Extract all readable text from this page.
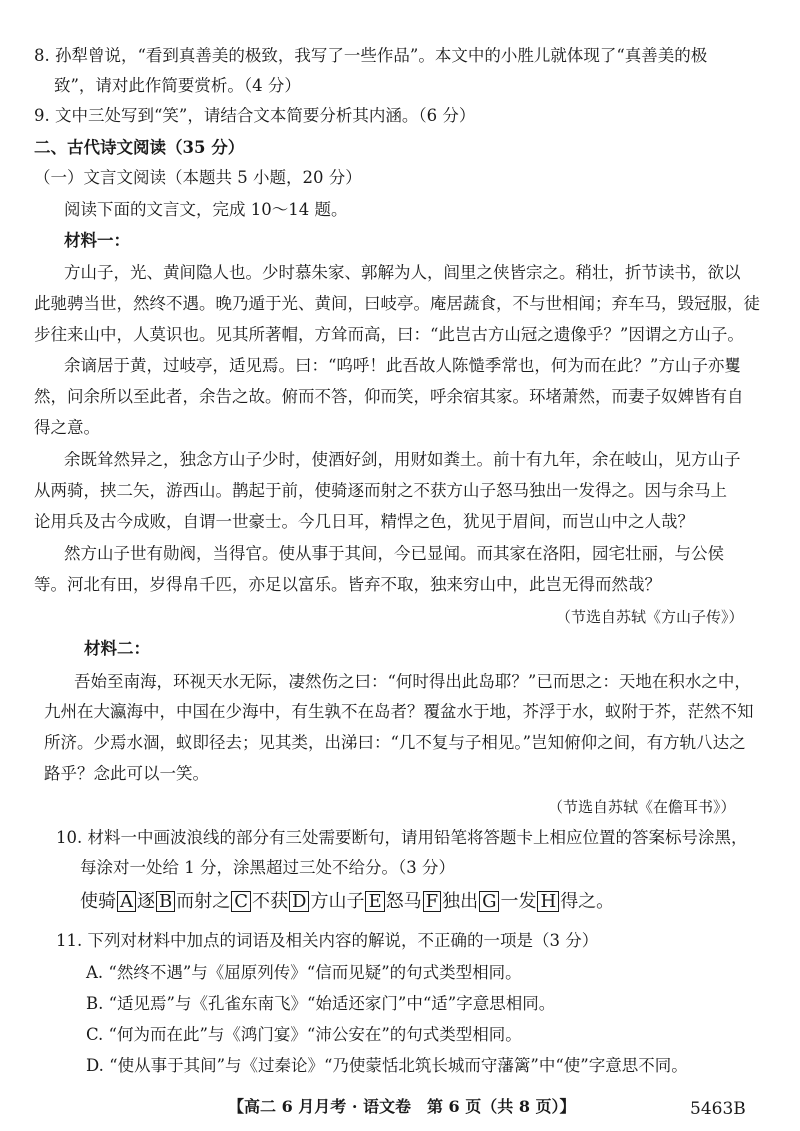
8. 孙犁曾说，“看到真善美的极致，我写了一些作品”。本文中的小胜儿就体现了“真善美的极
致”，请对此作简要赏析。（4 分）
9. 文中三处写到“笑”，请结合文本简要分析其内涵。（6 分）
二、古代诗文阅读（35 分）
（一）文言文阅读（本题共 5 小题，20 分）
阅读下面的文言文，完成 10～14 题。
材料一：
方山子，光、黄间隐人也。少时慕朱家、郭解为人，闾里之侠皆宗之。稍壮，折节读书，欲以
此驰骋当世，然终不遇。晚乃遁于光、黄间，曰岐亭。庵居蔬食，不与世相闻；弃车马，毁冠服，徒
步往来山中，人莫识也。见其所著帽，方耸而高，曰：“此岂古方山冠之遗像乎？”因谓之方山子。
余谪居于黄，过岐亭，适见焉。曰：“呜呼！此吾故人陈慥季常也，何为而在此？”方山子亦矍
然，问余所以至此者，余告之故。俯而不答，仰而笑，呼余宿其家。环堵萧然，而妻子奴婢皆有自
得之意。
余既耸然异之，独念方山子少时，使酒好剑，用财如粪土。前十有九年，余在岐山，见方山子
从两骑，挟二矢，游西山。鹊起于前，使骑逐而射之不获方山子怒马独出一发得之。因与余马上
论用兵及古今成败，自谓一世豪士。今几日耳，精悍之色，犹见于眉间，而岂山中之人哉？
然方山子世有勋阀，当得官。使从事于其间，今已显闻。而其家在洛阳，园宅壮丽，与公侯
等。河北有田，岁得帛千匹，亦足以富乐。皆弃不取，独来穷山中，此岂无得而然哉？
（节选自苏轼《方山子传》）
材料二：
吾始至南海，环视天水无际，凄然伤之曰：“何时得出此岛耶？”已而思之：天地在积水之中，
九州在大瀛海中，中国在少海中，有生孰不在岛者？覆盆水于地，芥浮于水，蚁附于芥，茫然不知
所济。少焉水涸，蚁即径去；见其类，出涕曰：“几不复与子相见。”岂知俯仰之间，有方轨八达之
路乎？念此可以一笑。
（节选自苏轼《在儋耳书》）
10. 材料一中画波浪线的部分有三处需要断句，请用铅笔将答题卡上相应位置的答案标号涂黑，
每涂对一处给 1 分，涂黑超过三处不给分。（3 分）
使骑 A 逐 B 而射之 C 不获 D 方山子 E 怒马 F 独出 G 一发 H 得之。
11. 下列对材料中加点的词语及相关内容的解说，不正确的一项是（3 分）
A. “然终不遇”与《屈原列传》“信而见疑”的句式类型相同。
B. “适见焉”与《孔雀东南飞》“始适还家门”中“适”字意思相同。
C. “何为而在此”与《鸿门宴》“沛公安在”的句式类型相同。
D. “使从事于其间”与《过秦论》“乃使蒙恬北筑长城而守藩篱”中“使”字意思不同。
【高二 6 月月考 · 语文卷　第 6 页（共 8 页）】	5463B
